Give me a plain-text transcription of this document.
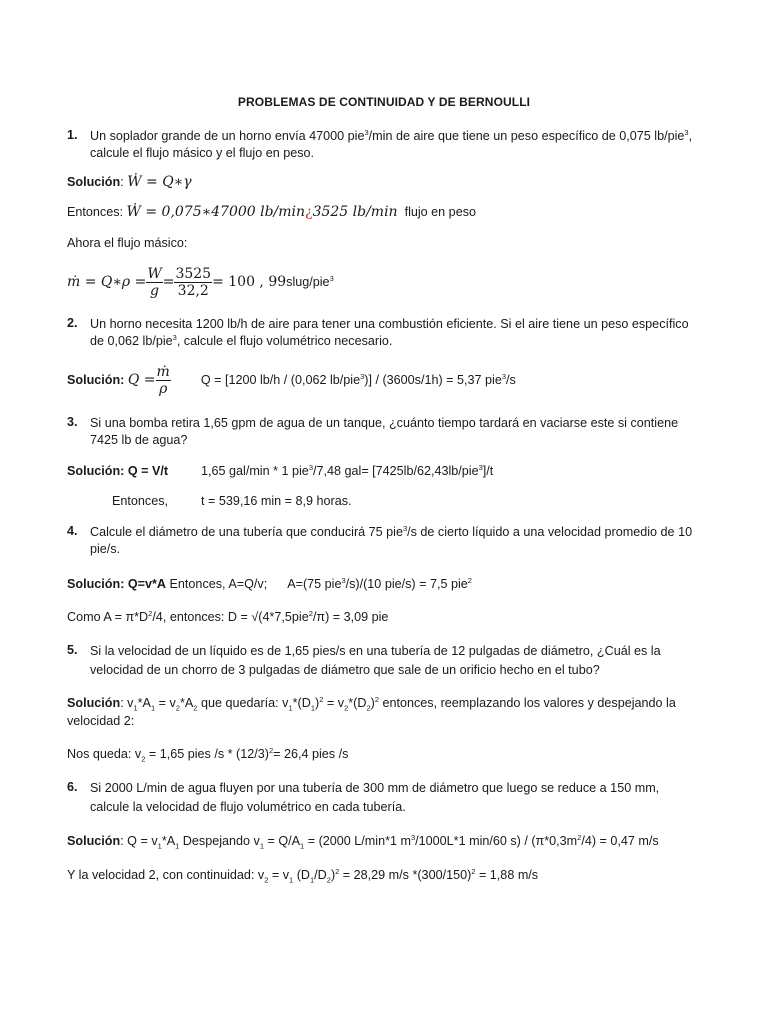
PROBLEMAS DE CONTINUIDAD Y DE BERNOULLI
1. Un soplador grande de un horno envía 47000 pie$^3$/min de aire que tiene un peso específico de 0,075 lb/pie$^3$,
calcule el flujo másico y el flujo en peso.
Solución: Ẇ = Q∗γ
Entonces: Ẇ = 0,075∗47000 lb/min¿3525 lb/min flujo en peso
Ahora el flujo másico:
ṁ = Q∗ρ = $\frac{W}{g} = \frac{3525}{32,2} = 100$ , 99slug/pie$^3$
2. Un horno necesita 1200 lb/h de aire para tener una combustión eficiente. Si el aire tiene un peso específico
de 0,062 lb/pie$^3$, calcule el flujo volumétrico necesario.
Solución: $Q = \frac{\text{ṁ}}{\rho}$ Q = [1200 lb/h / (0,062 lb/pie$^3$)] / (3600s/1h) = 5,37 pie$^3$/s
3. Si una bomba retira 1,65 gpm de agua de un tanque, ¿cuánto tiempo tardará en vaciarse este si contiene
7425 lb de agua?
Solución: Q = V/t	1,65 gal/min * 1 pie$^3$/7,48 gal= [7425lb/62,43lb/pie$^3$]/t
Entonces,	t = 539,16 min = 8,9 horas.
4. Calcule el diámetro de una tubería que conducirá 75 pie$^3$/s de cierto líquido a una velocidad promedio de 10
pie/s.
Solución: Q=v*A Entonces, A=Q/v; A=(75 pie$^3$/s)/(10 pie/s) = 7,5 pie$^2$
Como $A = \pi*D^2/4$, entonces: D = √(4*7,5pie$^2$/π) = 3,09 pie
5. Si la velocidad de un líquido es de 1,65 pies/s en una tubería de 12 pulgadas de diámetro, ¿Cuál es la
velocidad de un chorro de 3 pulgadas de diámetro que sale de un orificio hecho en el tubo?
Solución: $v_1*A_1 = v_2*A_2$ que quedaría: $v_1*(D_1)^2 = v_2*(D_2)^2$ entonces, reemplazando los valores y despejando la
velocidad 2:
Nos queda: $v_2 = 1,65$ pies $/s * (12/3)^2= 26,4$ pies /s
6. Si 2000 L/min de agua fluyen por una tubería de 300 mm de diámetro que luego se reduce a 150 mm,
calcule la velocidad de flujo volumétrico en cada tubería.
Solución: $Q = v_1*A_1$ Despejando $v_1 = Q/A_1 = (2000$ L/min*1 $m^3/1000L*1$ min/60 $s) / (\pi*0,3m^2/4) = 0,47$ m/s
Y la velocidad 2, con continuidad: $v_2 = v_1$ $(D_1/D_2)^2 = 28,29$ m/s $*(300/150)^2 = 1,88$ m/s
